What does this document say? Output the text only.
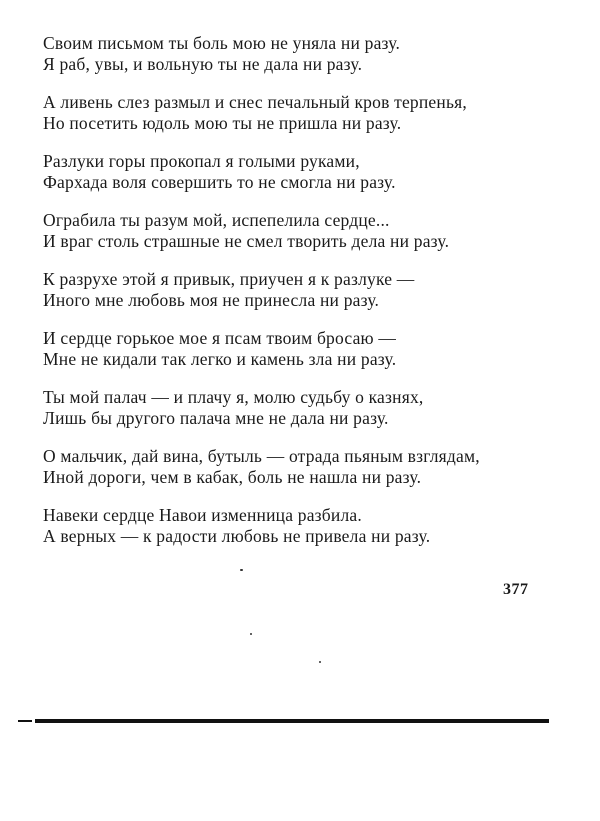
Своим письмом ты боль мою не уняла ни разу.
Я раб, увы, и вольную ты не дала ни разу.
А ливень слез размыл и снес печальный кров терпенья,
Но посетить юдоль мою ты не пришла ни разу.
Разлуки горы прокопал я голыми руками,
Фархада воля совершить то не смогла ни разу.
Ограбила ты разум мой, испепелила сердце...
И враг столь страшные не смел творить дела ни разу.
К разрухе этой я привык, приучен я к разлуке —
Иного мне любовь моя не принесла ни разу.
И сердце горькое мое я псам твоим бросаю —
Мне не кидали так легко и камень зла ни разу.
Ты мой палач — и плачу я, молю судьбу о казнях,
Лишь бы другого палача мне не дала ни разу.
О мальчик, дай вина, бутыль — отрада пьяным взглядам,
Иной дороги, чем в кабак, боль не нашла ни разу.
Навеки сердце Навои изменница разбила.
А верных — к радости любовь не привела ни разу.
377
